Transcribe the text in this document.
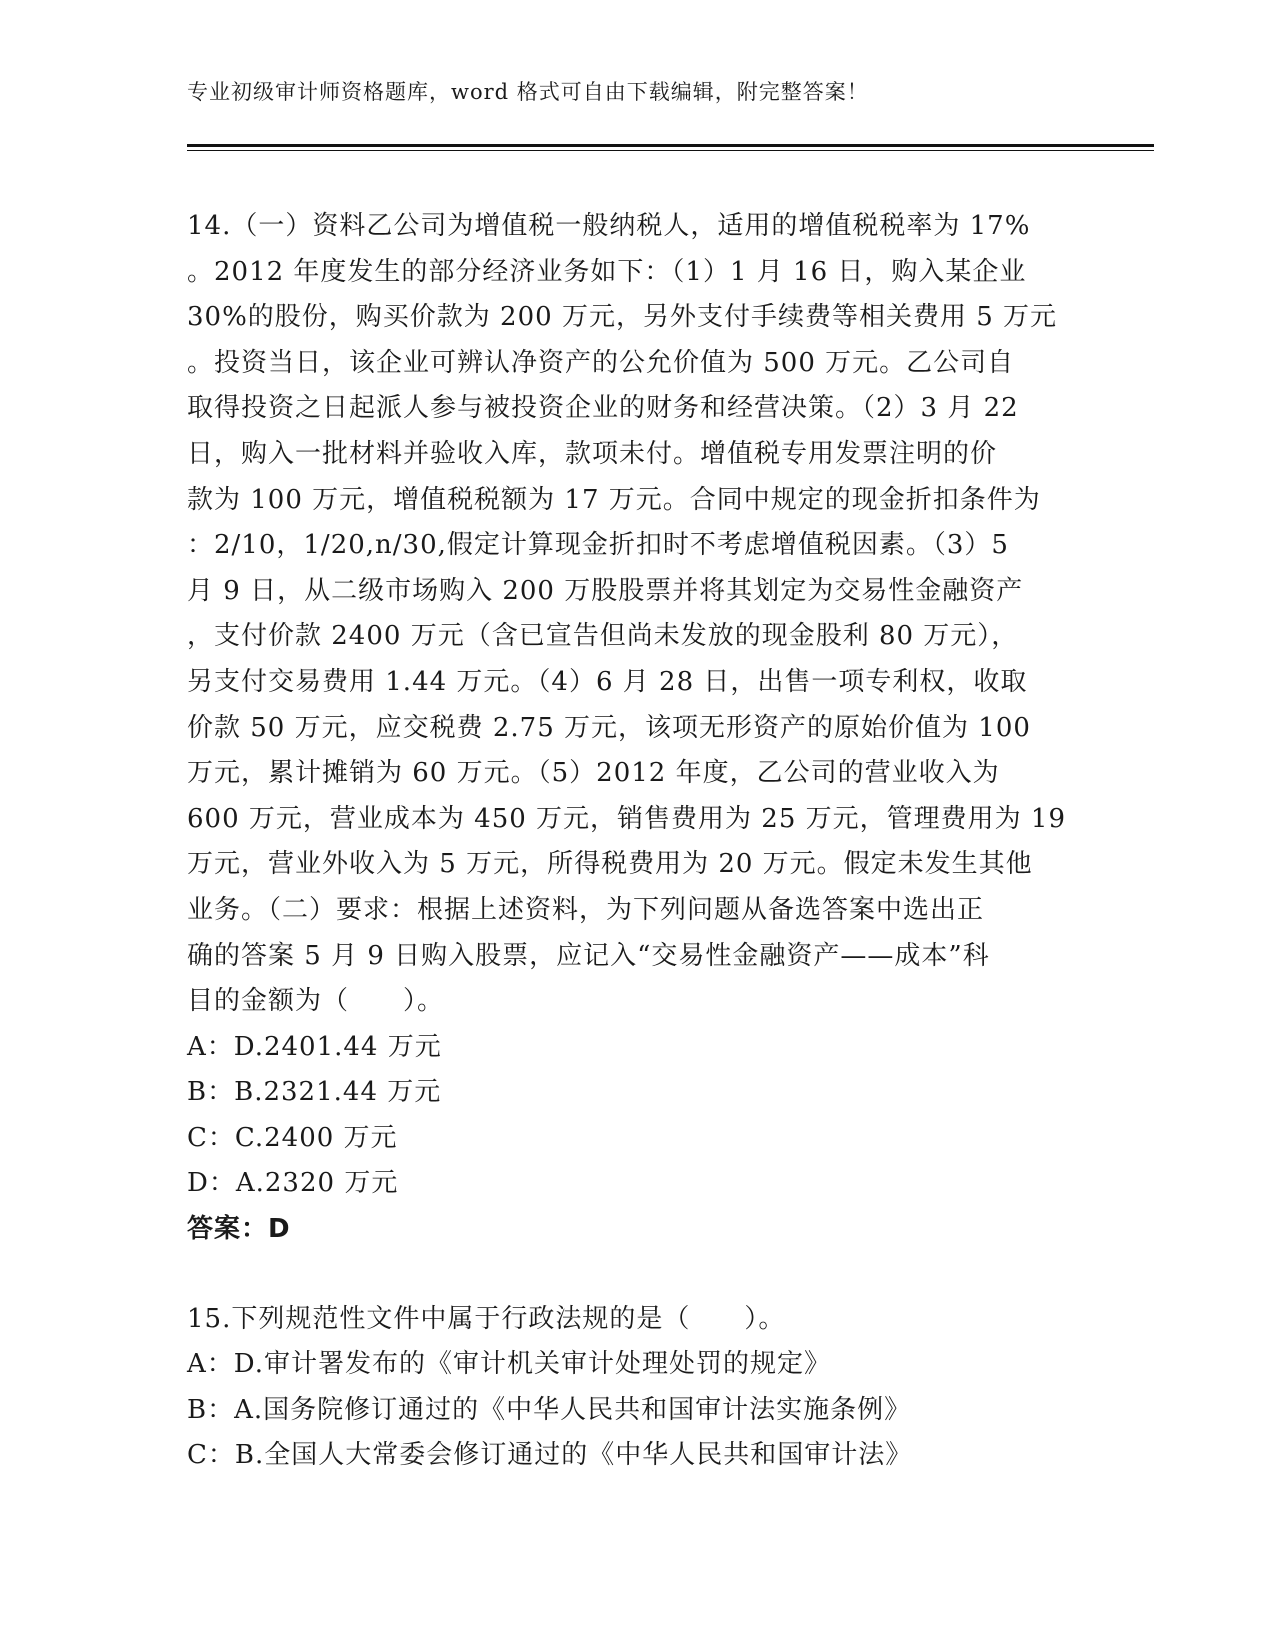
专业初级审计师资格题库，word 格式可自由下载编辑，附完整答案！
14.（一）资料乙公司为增值税一般纳税人，适用的增值税税率为 17%
。2012 年度发生的部分经济业务如下：（1）1 月 16 日，购入某企业
30%的股份，购买价款为 200 万元，另外支付手续费等相关费用 5 万元
。投资当日，该企业可辨认净资产的公允价值为 500 万元。乙公司自
取得投资之日起派人参与被投资企业的财务和经营决策。（2）3 月 22
日，购入一批材料并验收入库，款项未付。增值税专用发票注明的价
款为 100 万元，增值税税额为 17 万元。合同中规定的现金折扣条件为
：2/10，1/20,n/30,假定计算现金折扣时不考虑增值税因素。（3）5
月 9 日，从二级市场购入 200 万股股票并将其划定为交易性金融资产
，支付价款 2400 万元（含已宣告但尚未发放的现金股利 80 万元），
另支付交易费用 1.44 万元。（4）6 月 28 日，出售一项专利权，收取
价款 50 万元，应交税费 2.75 万元，该项无形资产的原始价值为 100
万元，累计摊销为 60 万元。（5）2012 年度，乙公司的营业收入为
600 万元，营业成本为 450 万元，销售费用为 25 万元，管理费用为 19
万元，营业外收入为 5 万元，所得税费用为 20 万元。假定未发生其他
业务。（二）要求：根据上述资料，为下列问题从备选答案中选出正
确的答案 5 月 9 日购入股票，应记入“交易性金融资产——成本”科
目的金额为（　　）。
A：D.2401.44 万元
B：B.2321.44 万元
C：C.2400 万元
D：A.2320 万元
答案：D
15.下列规范性文件中属于行政法规的是（　　）。
A：D.审计署发布的《审计机关审计处理处罚的规定》
B：A.国务院修订通过的《中华人民共和国审计法实施条例》
C：B.全国人大常委会修订通过的《中华人民共和国审计法》
